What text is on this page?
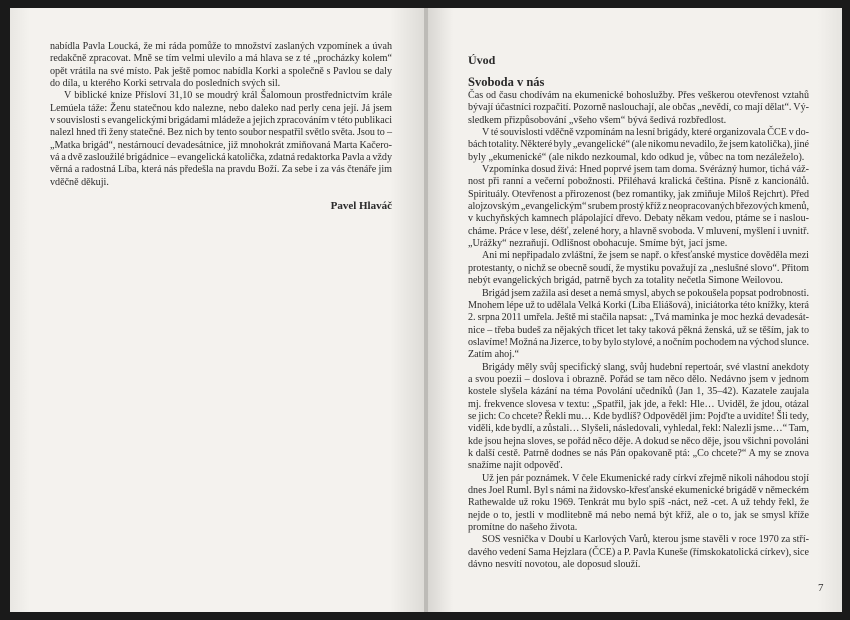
nabídla Pavla Loucká, že mi ráda pomůže to množství zaslaných vzpomínek a úvah
redakčně zpracovat. Mně se tím velmi ulevilo a má hlava se z té „procházky kolem“
opět vrátila na své místo. Pak ještě pomoc nabídla Korki a společně s Pavlou se daly
do díla, u kterého Korki setrvala do posledních svých sil.
V biblické knize Přísloví 31,10 se moudrý král Šalomoun prostřednictvím krále
Lemúela táže: Ženu statečnou kdo nalezne, nebo daleko nad perly cena její. Já jsem
v souvislosti s evangelickými brigádami mládeže a jejich zpracováním v této publikaci
nalezl hned tři ženy statečné. Bez nich by tento soubor nespatřil světlo světa. Jsou to –
„Matka brigád“, nestárnoucí devadesátnice, již mnohokrát zmiňovaná Marta Kačero-
vá a dvě zasloužilé brigádnice – evangelická katolička, zdatná redaktorka Pavla a vždy
věrná a radostná Líba, která nás předešla na pravdu Boží. Za sebe i za vás čtenáře jim
vděčně děkuji.
Pavel Hlaváč
Úvod
Svoboda v nás
Čas od času chodívám na ekumenické bohoslužby. Přes veškerou otevřenost vztahů
bývají účastníci rozpačití. Pozorně naslouchají, ale občas „nevědí, co mají dělat“. Vý-
sledkem přizpůsobování „všeho všem“ bývá šedivá rozbředlost.
V té souvislosti vděčně vzpomínám na lesní brigády, které organizovala ČCE v do-
bách totality. Některé byly „evangelické“ (ale nikomu nevadilo, že jsem katolička), jiné
byly „ekumenické“ (ale nikdo nezkoumal, kdo odkud je, vůbec na tom nezáleželo).
Vzpomínka dosud živá: Hned poprvé jsem tam doma. Svérázný humor, tichá váž-
nost při ranní a večerní pobožnosti. Přiléhavá kralická čeština. Písně z kancionálů.
Spirituály. Otevřenost a přirozenost (bez romantiky, jak zmiňuje Miloš Rejchrt). Před
alojzovským „evangelickým“ srubem prostý kříž z neopracovaných březových kmenů,
v kuchyňských kamnech plápolající dřevo. Debaty někam vedou, ptáme se i naslou-
cháme. Práce v lese, déšť, zelené hory, a hlavně svoboda. V mluvení, myšlení i uvnitř.
„Urážky“ nezraňují. Odlišnost obohacuje. Smíme být, jací jsme.
Ani mi nepřipadalo zvláštní, že jsem se např. o křesťanské mystice dověděla mezi
protestanty, o nichž se obecně soudí, že mystiku považují za „neslušné slovo“. Přitom
nebýt evangelických brigád, patrně bych za totality nečetla Simone Weilovou.
Brigád jsem zažila asi deset a nemá smysl, abych se pokoušela popsat podrobnosti.
Mnohem lépe už to udělala Velká Korki (Líba Eliášová), iniciátorka této knížky, která
2. srpna 2011 umřela. Ještě mi stačila napsat: „Tvá maminka je moc hezká devadesát-
nice – třeba budeš za nějakých třicet let taky taková pěkná ženská, už se těším, jak to
oslavíme! Možná na Jizerce, to by bylo stylové, a nočním pochodem na východ slunce.
Zatím ahoj.“
Brigády měly svůj specifický slang, svůj hudební repertoár, své vlastní anekdoty
a svou poezii – doslova i obrazně. Pořád se tam něco dělo. Nedávno jsem v jednom
kostele slyšela kázání na téma Povolání učedníků (Jan 1, 35–42). Kazatele zaujala
mj. frekvence slovesa v textu: „Spatřil, jak jde, a řekl: Hle… Uviděl, že jdou, otázal
se jich: Co chcete? Řekli mu… Kde bydlíš? Odpověděl jim: Pojďte a uvidíte! Šli tedy,
viděli, kde bydlí, a zůstali… Slyšeli, následovali, vyhledal, řekl: Nalezli jsme…“ Tam,
kde jsou hejna sloves, se pořád něco děje. A dokud se něco děje, jsou všichni povoláni
k další cestě. Patrně dodnes se nás Pán opakovaně ptá: „Co chcete?“ A my se znova
snažíme najít odpověď.
Už jen pár poznámek. V čele Ekumenické rady církví zřejmě nikoli náhodou stojí
dnes Joel Ruml. Byl s námi na židovsko-křesťanské ekumenické brigádě v německém
Rathewalde už roku 1969. Tenkrát mu bylo spíš -náct, než -cet. A už tehdy řekl, že
nejde o to, jestli v modlitebně má nebo nemá být kříž, ale o to, jak se smysl kříže
promítne do našeho života.
SOS vesnička v Doubí u Karlových Varů, kterou jsme stavěli v roce 1970 za stří-
davého vedení Sama Hejzlara (ČCE) a P. Pavla Kuneše (římskokatolická církev), sice
dávno nesvítí novotou, ale doposud slouží.
7
